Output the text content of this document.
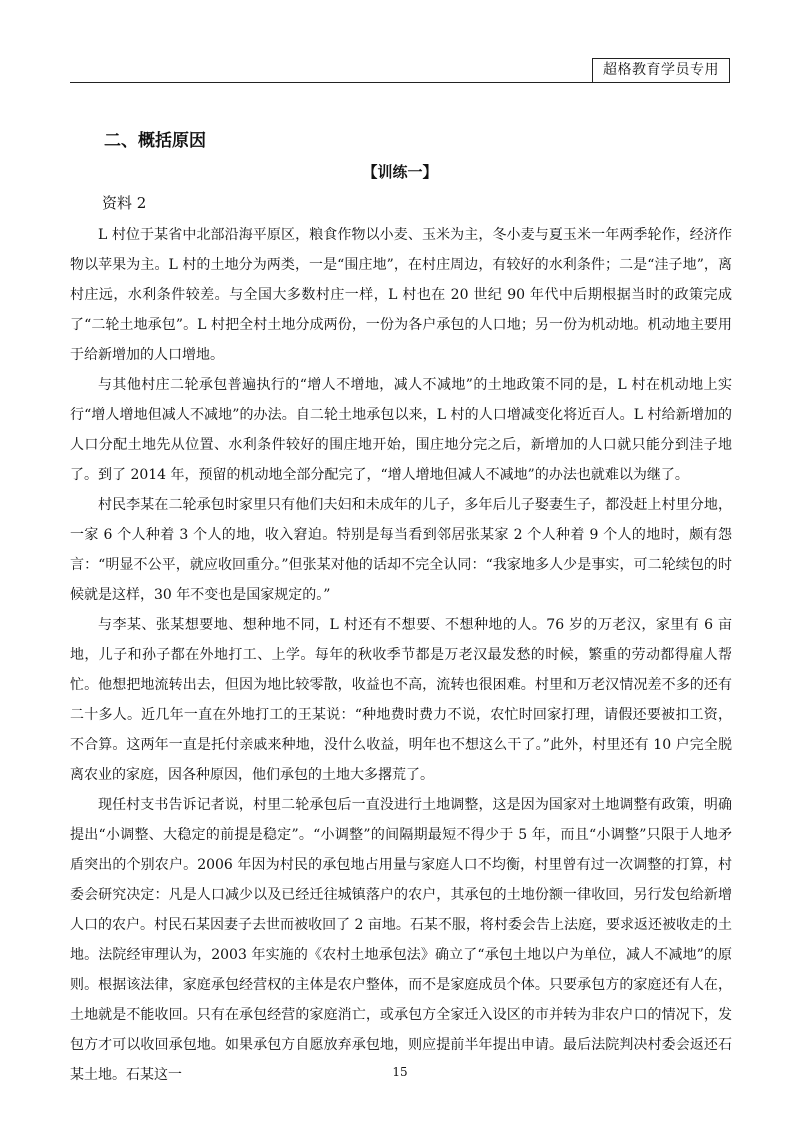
超格教育学员专用
二、概括原因
【训练一】
资料 2

L 村位于某省中北部沿海平原区，粮食作物以小麦、玉米为主，冬小麦与夏玉米一年两季轮作，经济作物以苹果为主。L 村的土地分为两类，一是“围庄地”，在村庄周边，有较好的水利条件；二是“洼子地”，离村庄远，水利条件较差。与全国大多数村庄一样，L 村也在 20 世纪 90 年代中后期根据当时的政策完成了“二轮土地承包”。L 村把全村土地分成两份，一份为各户承包的人口地；另一份为机动地。机动地主要用于给新增加的人口增地。

与其他村庄二轮承包普遍执行的“增人不增地，减人不减地”的土地政策不同的是，L 村在机动地上实行“增人增地但减人不减地”的办法。自二轮土地承包以来，L 村的人口增减变化将近百人。L 村给新增加的人口分配土地先从位置、水利条件较好的围庄地开始，围庄地分完之后，新增加的人口就只能分到洼子地了。到了 2014 年，预留的机动地全部分配完了，“增人增地但减人不减地”的办法也就难以为继了。

村民李某在二轮承包时家里只有他们夫妇和未成年的儿子，多年后儿子娶妻生子，都没赶上村里分地，一家 6 个人种着 3 个人的地，收入窘迫。特别是每当看到邻居张某家 2 个人种着 9 个人的地时，颇有怨言：“明显不公平，就应收回重分。”但张某对他的话却不完全认同：“我家地多人少是事实，可二轮续包的时候就是这样，30 年不变也是国家规定的。”

与李某、张某想要地、想种地不同，L 村还有不想要、不想种地的人。76 岁的万老汉，家里有 6 亩地，儿子和孙子都在外地打工、上学。每年的秋收季节都是万老汉最发愁的时候，繁重的劳动都得雇人帮忙。他想把地流转出去，但因为地比较零散，收益也不高，流转也很困难。村里和万老汉情况差不多的还有二十多人。近几年一直在外地打工的王某说：“种地费时费力不说，农忙时回家打理，请假还要被扣工资，不合算。这两年一直是托付亲戚来种地，没什么收益，明年也不想这么干了。”此外，村里还有 10 户完全脱离农业的家庭，因各种原因，他们承包的土地大多撂荒了。

现任村支书告诉记者说，村里二轮承包后一直没进行土地调整，这是因为国家对土地调整有政策，明确提出“小调整、大稳定的前提是稳定”。“小调整”的间隔期最短不得少于 5 年，而且“小调整”只限于人地矛盾突出的个别农户。2006 年因为村民的承包地占用量与家庭人口不均衡，村里曾有过一次调整的打算，村委会研究决定：凡是人口减少以及已经迁往城镇落户的农户，其承包的土地份额一律收回，另行发包给新增人口的农户。村民石某因妻子去世而被收回了 2 亩地。石某不服，将村委会告上法庭，要求返还被收走的土地。法院经审理认为，2003 年实施的《农村土地承包法》确立了“承包土地以户为单位，减人不减地”的原则。根据该法律，家庭承包经营权的主体是农户整体，而不是家庭成员个体。只要承包方的家庭还有人在，土地就是不能收回。只有在承包经营的家庭消亡，或承包方全家迁入设区的市并转为非农户口的情况下，发包方才可以收回承包地。如果承包方自愿放弃承包地，则应提前半年提出申请。最后法院判决村委会返还石某土地。石某这一	15
